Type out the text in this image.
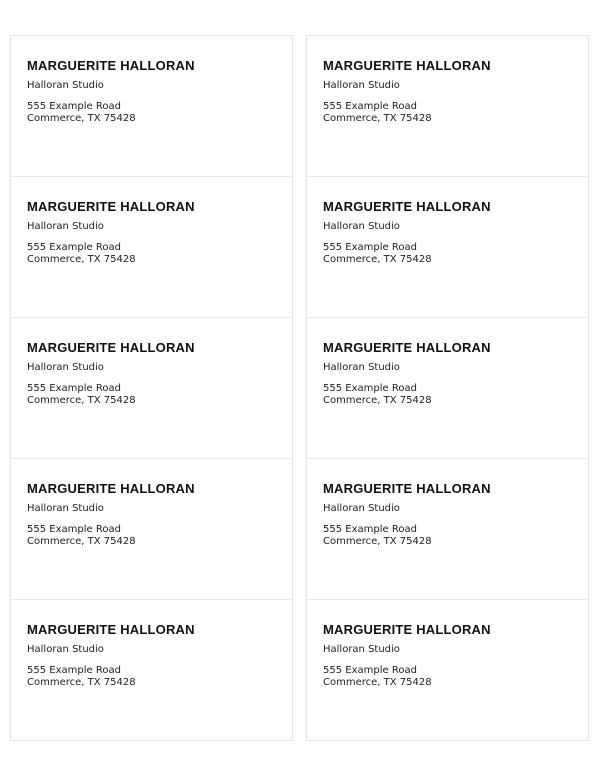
MARGUERITE HALLORAN
Halloran Studio
555 Example Road
Commerce, TX 75428
MARGUERITE HALLORAN
Halloran Studio
555 Example Road
Commerce, TX 75428
MARGUERITE HALLORAN
Halloran Studio
555 Example Road
Commerce, TX 75428
MARGUERITE HALLORAN
Halloran Studio
555 Example Road
Commerce, TX 75428
MARGUERITE HALLORAN
Halloran Studio
555 Example Road
Commerce, TX 75428
MARGUERITE HALLORAN
Halloran Studio
555 Example Road
Commerce, TX 75428
MARGUERITE HALLORAN
Halloran Studio
555 Example Road
Commerce, TX 75428
MARGUERITE HALLORAN
Halloran Studio
555 Example Road
Commerce, TX 75428
MARGUERITE HALLORAN
Halloran Studio
555 Example Road
Commerce, TX 75428
MARGUERITE HALLORAN
Halloran Studio
555 Example Road
Commerce, TX 75428
